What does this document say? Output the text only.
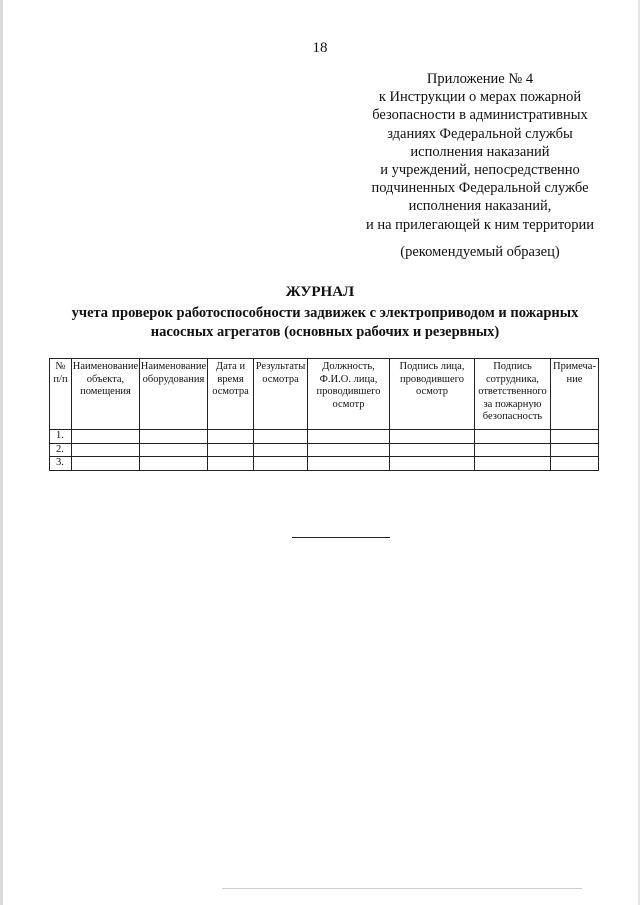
18
Приложение № 4
к Инструкции о мерах пожарной
безопасности в административных
зданиях Федеральной службы
исполнения наказаний
и учреждений, непосредственно
подчиненных Федеральной службе
исполнения наказаний,
и на прилегающей к ним территории
(рекомендуемый образец)
ЖУРНАЛ
учета проверок работоспособности задвижек с электроприводом и пожарных
насосных агрегатов (основных рабочих и резервных)
№ п/п	Наименование объекта, помещения	Наименование оборудования	Дата и время осмотра	Результаты осмотра	Должность, Ф.И.О. лица, проводившего осмотр	Подпись лица, проводившего осмотр	Подпись сотрудника, ответственного за пожарную безопасность	Примеча-ние
1.								
2.								
3.								
